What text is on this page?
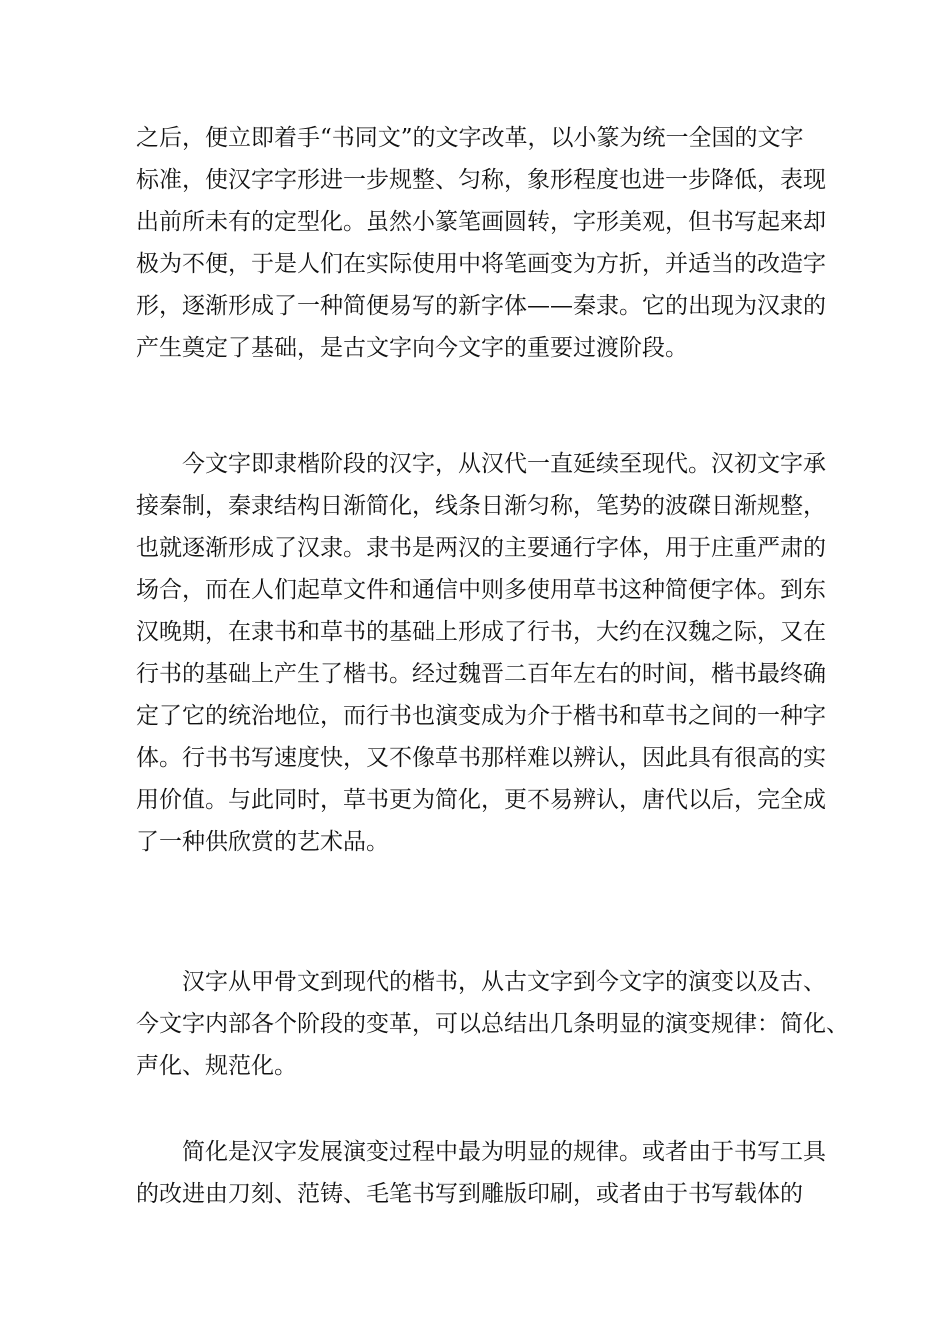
之后，便立即着手“书同文”的文字改革，以小篆为统一全国的文字
标准，使汉字字形进一步规整、匀称，象形程度也进一步降低，表现
出前所未有的定型化。虽然小篆笔画圆转，字形美观，但书写起来却
极为不便，于是人们在实际使用中将笔画变为方折，并适当的改造字
形，逐渐形成了一种简便易写的新字体——秦隶。它的出现为汉隶的
产生奠定了基础，是古文字向今文字的重要过渡阶段。
今文字即隶楷阶段的汉字，从汉代一直延续至现代。汉初文字承
接秦制，秦隶结构日渐简化，线条日渐匀称，笔势的波磔日渐规整，
也就逐渐形成了汉隶。隶书是两汉的主要通行字体，用于庄重严肃的
场合，而在人们起草文件和通信中则多使用草书这种简便字体。到东
汉晚期，在隶书和草书的基础上形成了行书，大约在汉魏之际，又在
行书的基础上产生了楷书。经过魏晋二百年左右的时间，楷书最终确
定了它的统治地位，而行书也演变成为介于楷书和草书之间的一种字
体。行书书写速度快，又不像草书那样难以辨认，因此具有很高的实
用价值。与此同时，草书更为简化，更不易辨认，唐代以后，完全成
了一种供欣赏的艺术品。
汉字从甲骨文到现代的楷书，从古文字到今文字的演变以及古、
今文字内部各个阶段的变革，可以总结出几条明显的演变规律：简化、
声化、规范化。
简化是汉字发展演变过程中最为明显的规律。或者由于书写工具
的改进由刀刻、范铸、毛笔书写到雕版印刷，或者由于书写载体的
